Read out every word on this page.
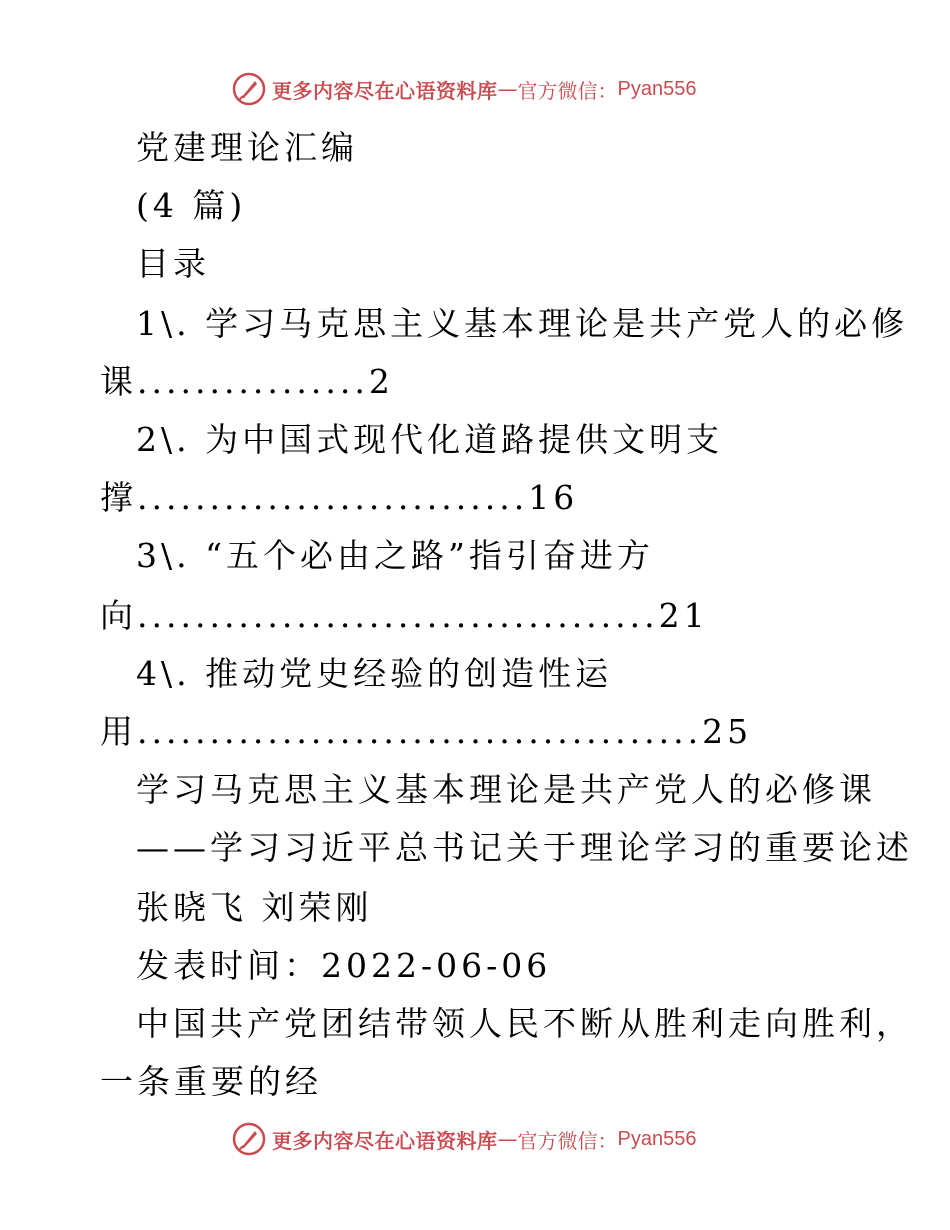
更多内容尽在心语资料库 — 官方微信： Pyan556
党建理论汇编
(4 篇)
目录
1\. 学习马克思主义基本理论是共产党人的必修
课................2
2\. 为中国式现代化道路提供文明支
撑...........................16
3\. “五个必由之路”指引奋进方
向....................................21
4\. 推动党史经验的创造性运
用.......................................25
学习马克思主义基本理论是共产党人的必修课
——学习习近平总书记关于理论学习的重要论述
张晓飞 刘荣刚
发表时间：2022-06-06
中国共产党团结带领人民不断从胜利走向胜利，
一条重要的经
更多内容尽在心语资料库 — 官方微信： Pyan556
